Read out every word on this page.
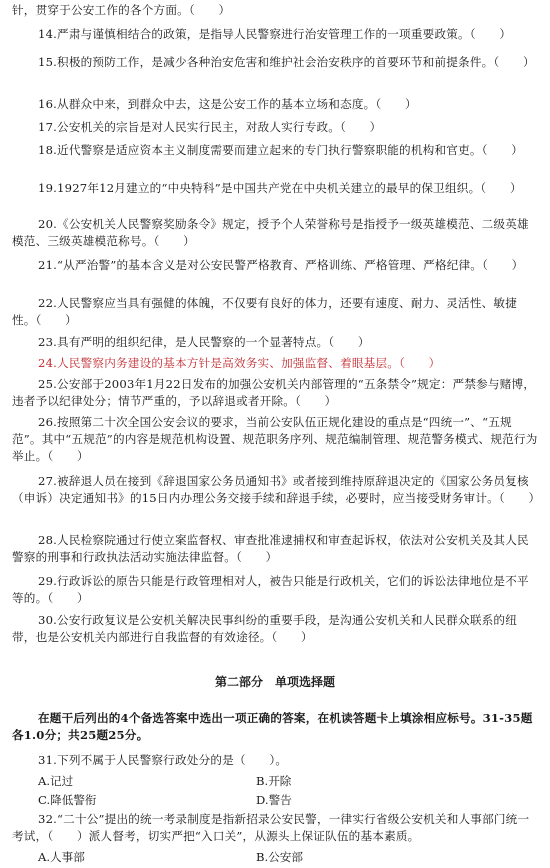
针，贯穿于公安工作的各个方面。（　　）

14.严肃与谨慎相结合的政策，是指导人民警察进行治安管理工作的一项重要政策。（　　）

15.积极的预防工作，是减少各种治安危害和维护社会治安秩序的首要环节和前提条件。（　　）

16.从群众中来，到群众中去，这是公安工作的基本立场和态度。（　　）

17.公安机关的宗旨是对人民实行民主，对敌人实行专政。（　　）

18.近代警察是适应资本主义制度需要而建立起来的专门执行警察职能的机构和官吏。（　　）

19.1927年12月建立的“中央特科”是中国共产党在中央机关建立的最早的保卫组织。（　　）

20.《公安机关人民警察奖励条令》规定，授予个人荣誉称号是指授予一级英雄模范、二级英雄模范、三级英雄模范称号。（　　）

21.“从严治警”的基本含义是对公安民警严格教育、严格训练、严格管理、严格纪律。（　　）

22.人民警察应当具有强健的体魄，不仅要有良好的体力，还要有速度、耐力、灵活性、敏捷性。（　　）

23.具有严明的组织纪律，是人民警察的一个显著特点。（　　）

24.人民警察内务建设的基本方针是高效务实、加强监督、着眼基层。（　　）

25.公安部于2003年1月22日发布的加强公安机关内部管理的“五条禁令”规定：严禁参与赌博，违者予以纪律处分；情节严重的，予以辞退或者开除。（　　）

26.按照第二十次全国公安会议的要求，当前公安队伍正规化建设的重点是“四统一”、“五规范”。其中“五规范”的内容是规范机构设置、规范职务序列、规范编制管理、规范警务模式、规范行为举止。（　　）

27.被辞退人员在接到《辞退国家公务员通知书》或者接到维持原辞退决定的《国家公务员复核（申诉）决定通知书》的15日内办理公务交接手续和辞退手续，必要时，应当接受财务审计。（　　）

28.人民检察院通过行使立案监督权、审查批准逮捕权和审查起诉权，依法对公安机关及其人民警察的刑事和行政执法活动实施法律监督。（　　）

29.行政诉讼的原告只能是行政管理相对人，被告只能是行政机关，它们的诉讼法律地位是不平等的。（　　）

30.公安行政复议是公安机关解决民事纠纷的重要手段，是沟通公安机关和人民群众联系的纽带，也是公安机关内部进行自我监督的有效途径。（　　）

第二部分　单项选择题

在题干后列出的4个备选答案中选出一项正确的答案，在机读答题卡上填涂相应标号。31-35题各1.0分；共25题25分。

31.下列不属于人民警察行政处分的是（　　）。

A.记过	B.开除
C.降低警衔	D.警告

32.“二十公”提出的统一考录制度是指新招录公安民警，一律实行省级公安机关和人事部门统一考试，（　　）派人督考，切实严把“入口关”，从源头上保证队伍的基本素质。

A.人事部	B.公安部
